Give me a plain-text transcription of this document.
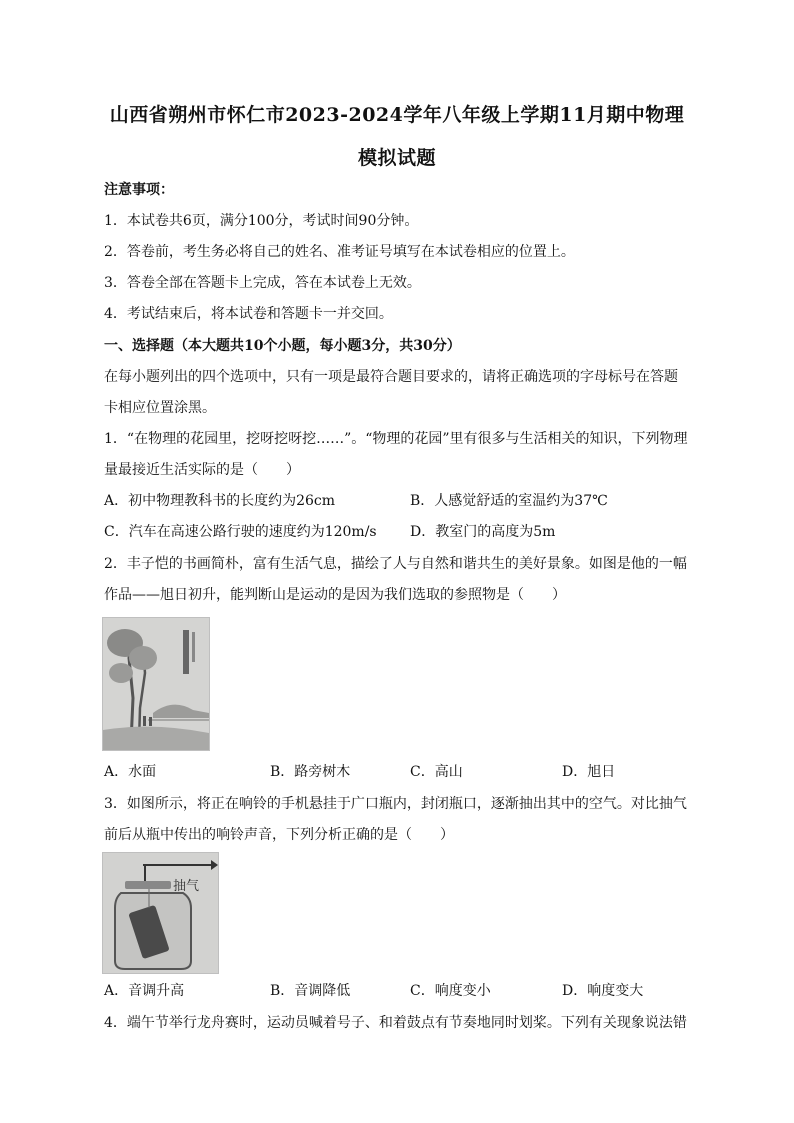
山西省朔州市怀仁市2023-2024学年八年级上学期11月期中物理
模拟试题
注意事项：
1．本试卷共6页，满分100分，考试时间90分钟。
2．答卷前，考生务必将自己的姓名、准考证号填写在本试卷相应的位置上。
3．答卷全部在答题卡上完成，答在本试卷上无效。
4．考试结束后，将本试卷和答题卡一并交回。
一、选择题（本大题共10个小题，每小题3分，共30分）
在每小题列出的四个选项中，只有一项是最符合题目要求的，请将正确选项的字母标号在答题
卡相应位置涂黑。
1．“在物理的花园里，挖呀挖呀挖……”。“物理的花园”里有很多与生活相关的知识，下列物理
量最接近生活实际的是（　　）
A．初中物理教科书的长度约为26cm	B．人感觉舒适的室温约为37℃
C．汽车在高速公路行驶的速度约为120m/s D．教室门的高度为5m
2．丰子恺的书画简朴，富有生活气息，描绘了人与自然和谐共生的美好景象。如图是他的一幅
作品——旭日初升，能判断山是运动的是因为我们选取的参照物是（　　）
A．水面	B．路旁树木	C．高山	D．旭日
3．如图所示，将正在响铃的手机悬挂于广口瓶内，封闭瓶口，逐渐抽出其中的空气。对比抽气
前后从瓶中传出的响铃声音，下列分析正确的是（　　）
抽气
A．音调升高	B．音调降低	C．响度变小	D．响度变大
4．端午节举行龙舟赛时，运动员喊着号子、和着鼓点有节奏地同时划桨。下列有关现象说法错
